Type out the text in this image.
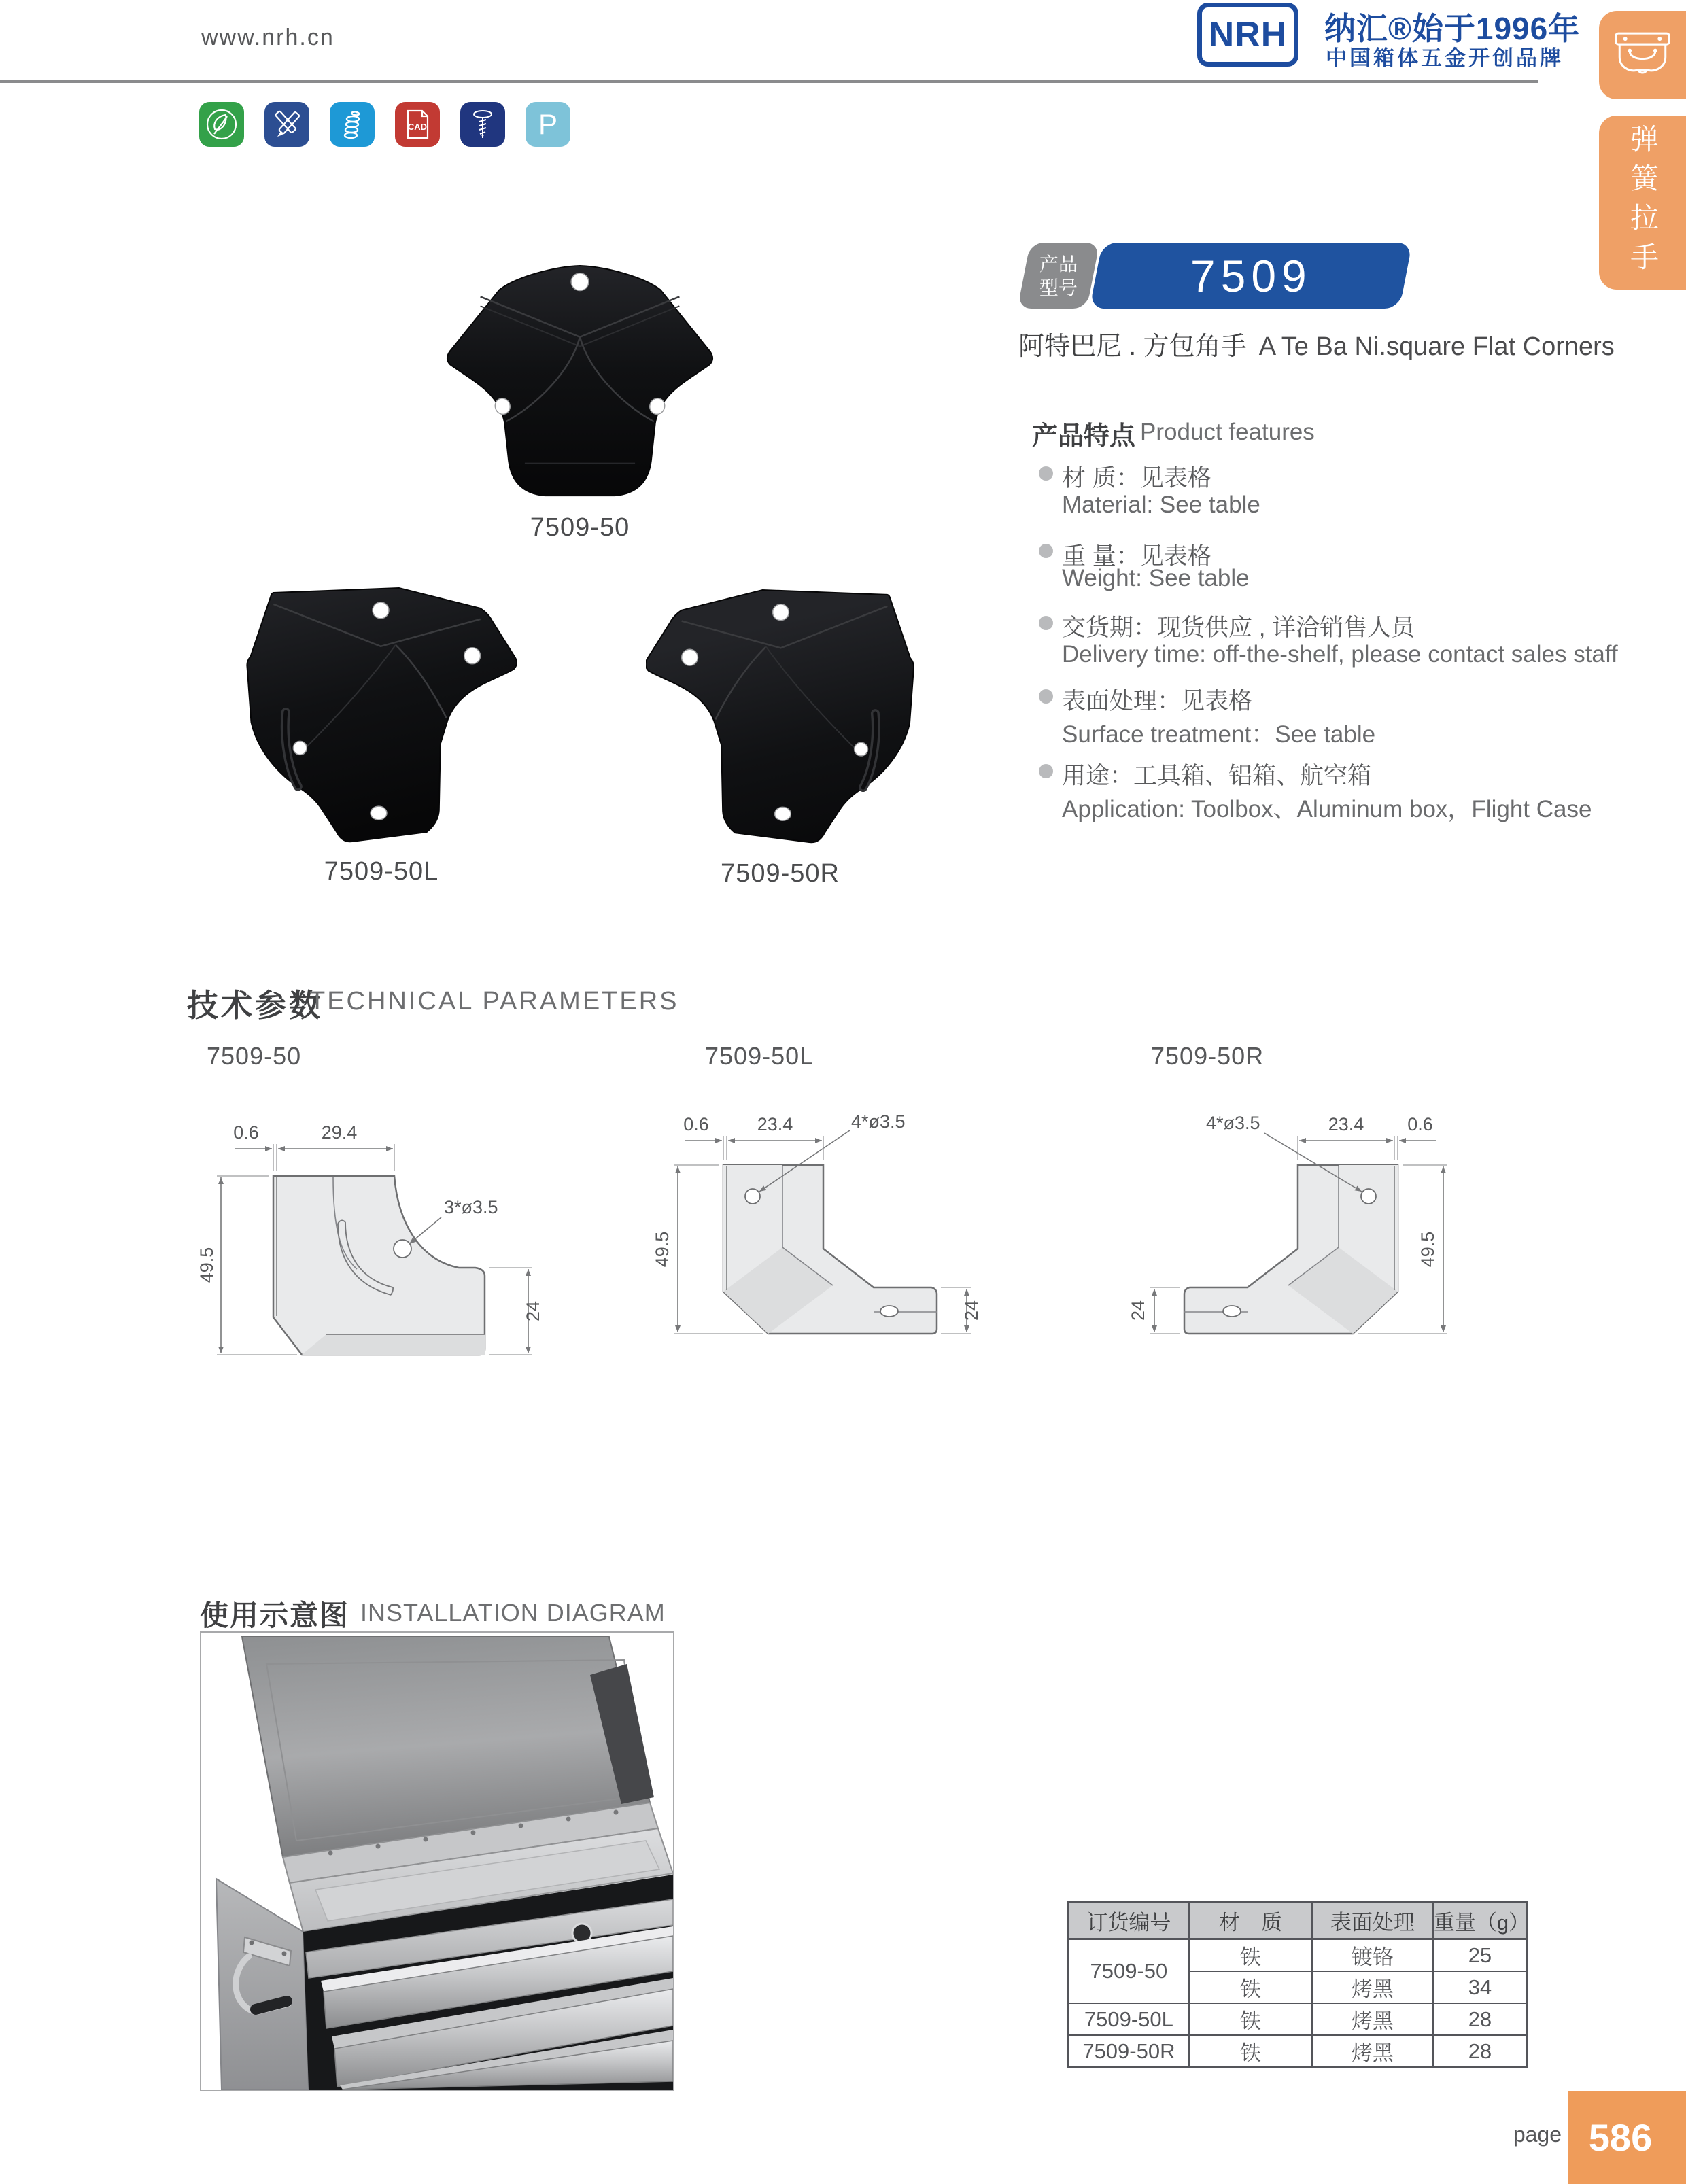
www.nrh.cn	NRH 纳汇®始于1996年
中国箱体五金开创品牌
CAD	P	弹簧拉手
7509-50
7509-50L	7509-50R
产品
型号	7509
阿特巴尼 . 方包角手 A Te Ba Ni.square Flat Corners
产品特点 Product features
材 质：见表格
Material: See table
重 量：见表格
Weight: See table
交货期：现货供应 , 详洽销售人员
Delivery time: off-the-shelf, please contact sales staff
表面处理：见表格
Surface treatment：See table
用途：工具箱、铝箱、航空箱
Application: Toolbox、Aluminum box，Flight Case
技术参数
TECHNICAL PARAMETERS
7509-50	7509-50L	7509-50R
3*ø3.5
0.6	29.4
49.5
24
4*ø3.5
0.6	23.4
49.5
24
4*ø3.5	0.6
23.4
49.5
24
使用示意图 INSTALLATION DIAGRAM
订货编号	材　质	表面处理	重量（g）
7509-50	铁	镀铬	25
	铁	烤黑	34
7509-50L	铁	烤黑	28
7509-50R	铁	烤黑	28
page 586
